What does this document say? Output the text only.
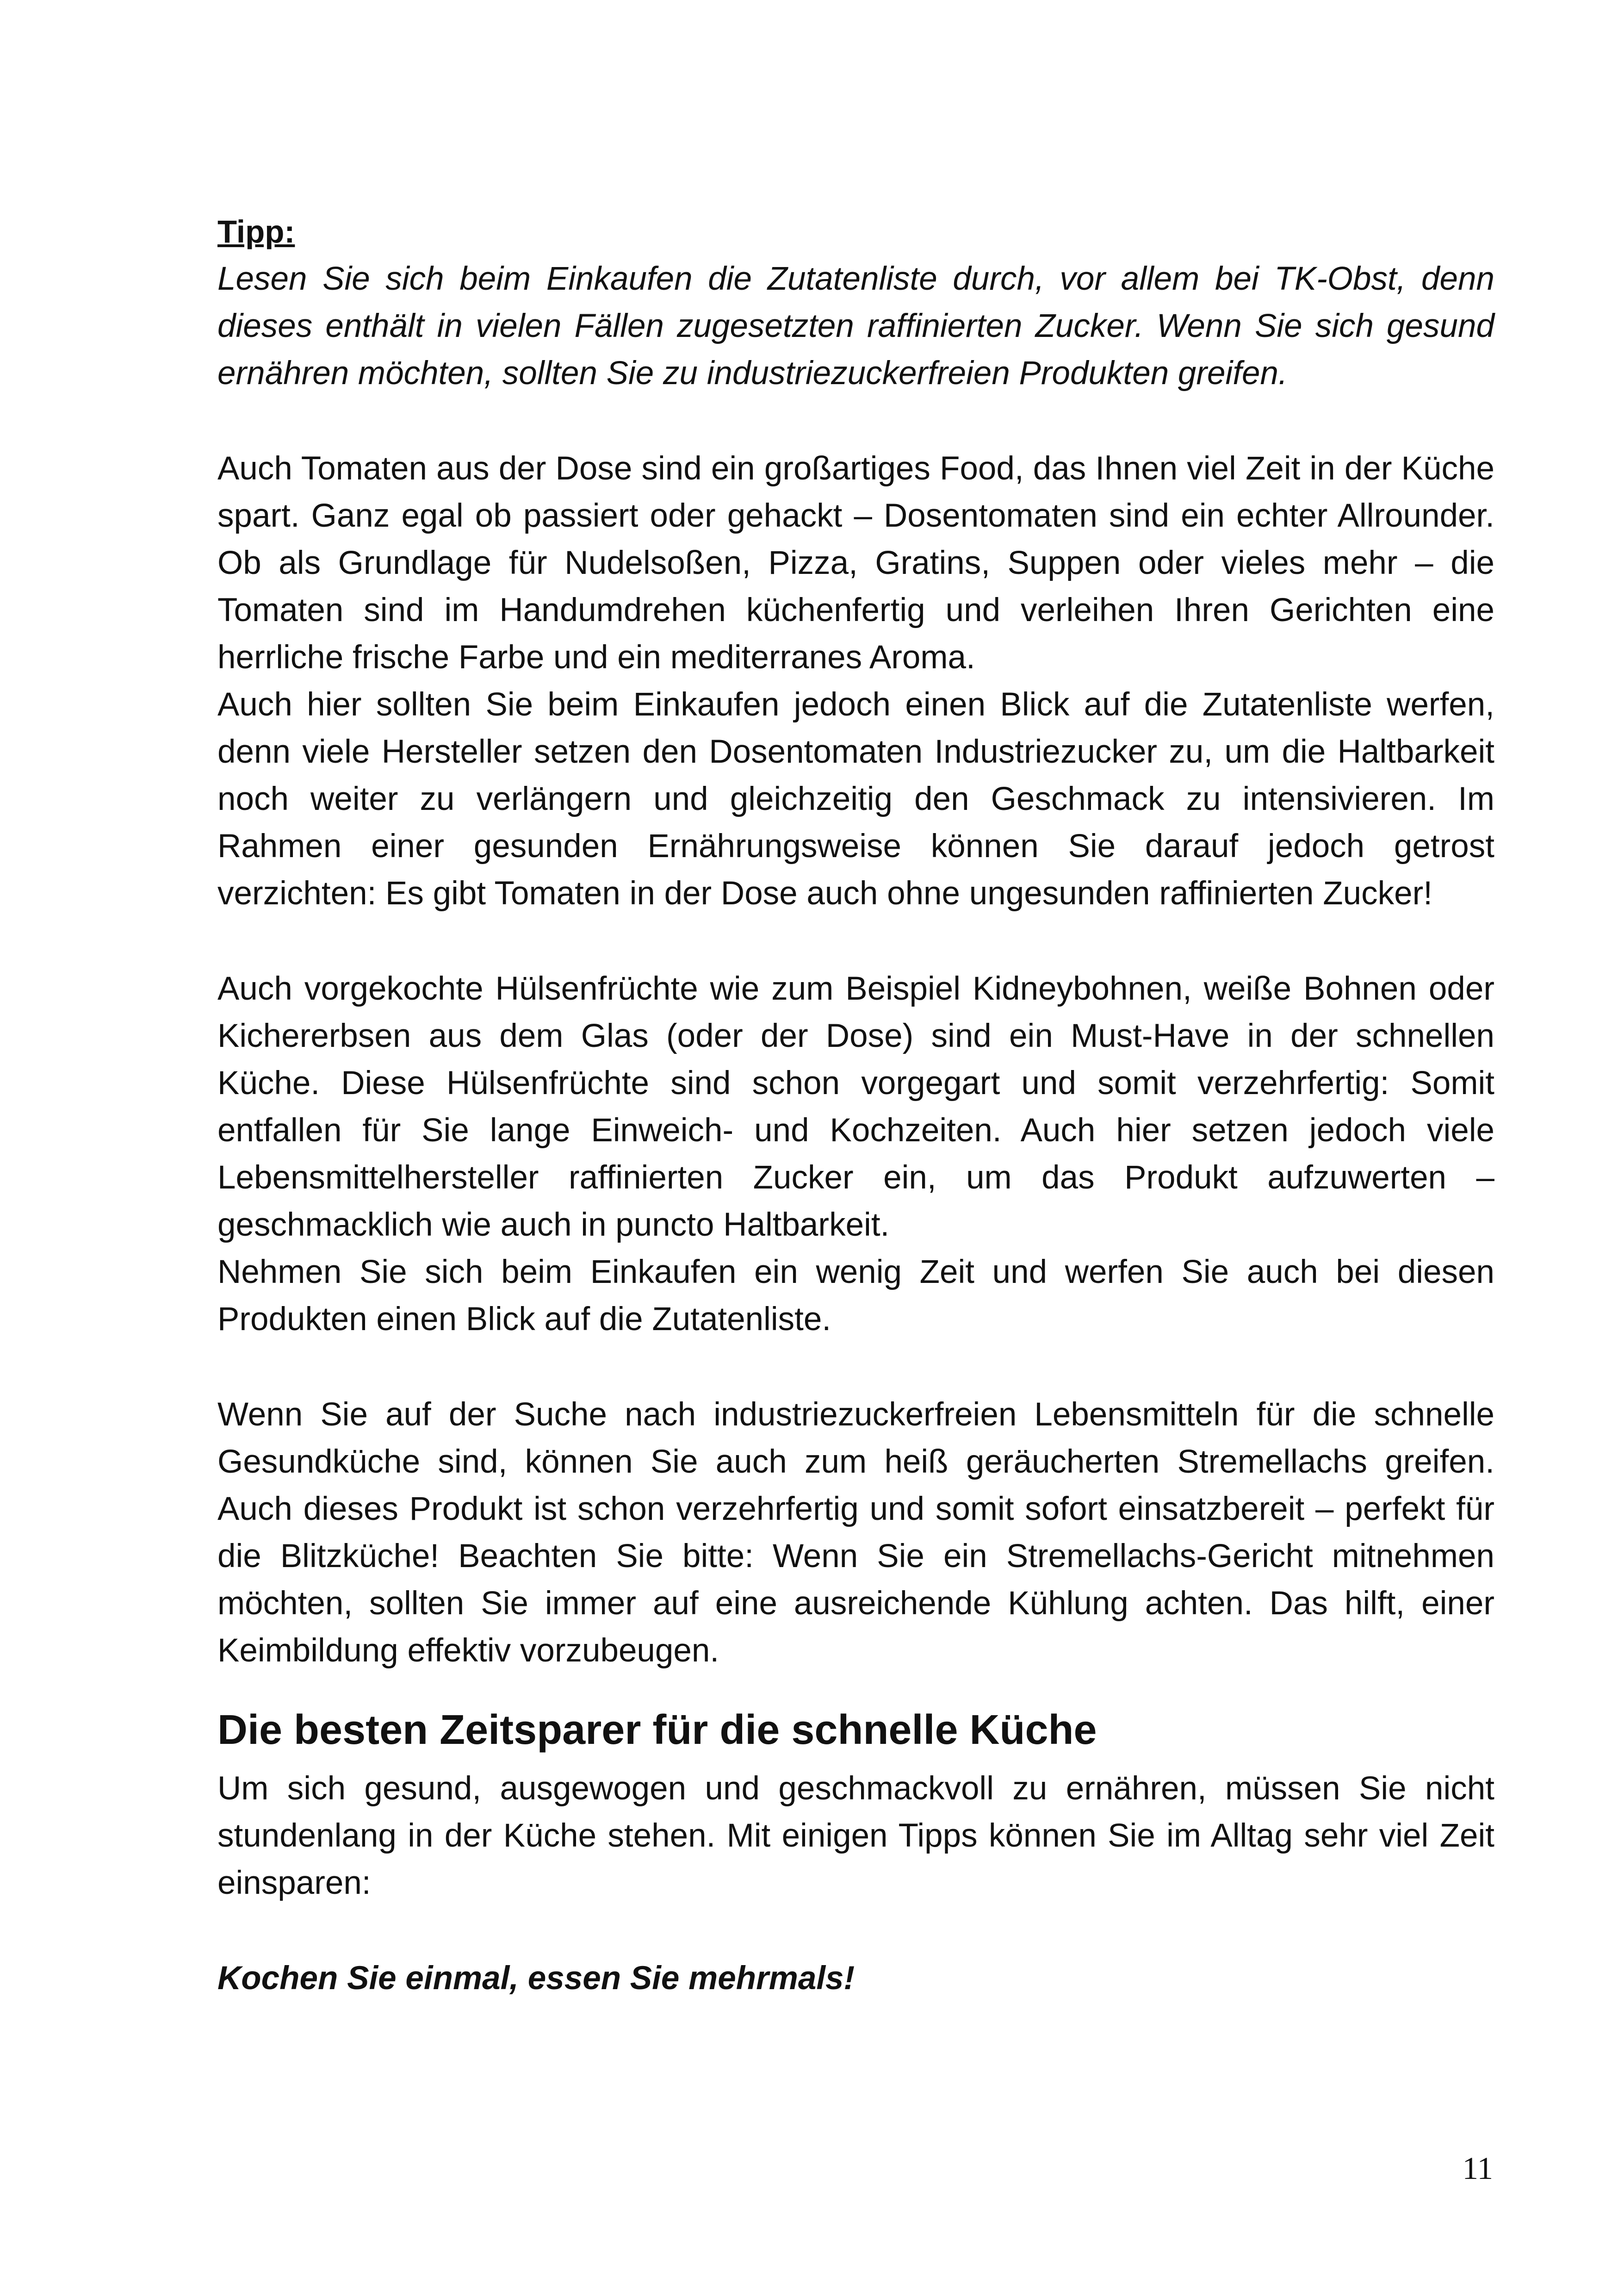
Tipp:

Lesen Sie sich beim Einkaufen die Zutatenliste durch, vor allem bei TK-Obst, denn dieses enthält in vielen Fällen zugesetzten raffinierten Zucker. Wenn Sie sich gesund ernähren möchten, sollten Sie zu industriezuckerfreien Produkten greifen.

Auch Tomaten aus der Dose sind ein großartiges Food, das Ihnen viel Zeit in der Küche spart. Ganz egal ob passiert oder gehackt – Dosentomaten sind ein echter Allrounder. Ob als Grundlage für Nudelsoßen, Pizza, Gratins, Suppen oder vieles mehr – die Tomaten sind im Handumdrehen küchenfertig und verleihen Ihren Gerichten eine herrliche frische Farbe und ein mediterranes Aroma.

Auch hier sollten Sie beim Einkaufen jedoch einen Blick auf die Zutatenliste werfen, denn viele Hersteller setzen den Dosentomaten Industriezucker zu, um die Haltbarkeit noch weiter zu verlängern und gleichzeitig den Geschmack zu intensivieren. Im Rahmen einer gesunden Ernährungsweise können Sie darauf jedoch getrost verzichten: Es gibt Tomaten in der Dose auch ohne ungesunden raffinierten Zucker!

Auch vorgekochte Hülsenfrüchte wie zum Beispiel Kidneybohnen, weiße Bohnen oder Kichererbsen aus dem Glas (oder der Dose) sind ein Must-Have in der schnellen Küche. Diese Hülsenfrüchte sind schon vorgegart und somit verzehrfertig: Somit entfallen für Sie lange Einweich- und Kochzeiten. Auch hier setzen jedoch viele Lebensmittelhersteller raffinierten Zucker ein, um das Produkt aufzuwerten – geschmacklich wie auch in puncto Haltbarkeit.

Nehmen Sie sich beim Einkaufen ein wenig Zeit und werfen Sie auch bei diesen Produkten einen Blick auf die Zutatenliste.

Wenn Sie auf der Suche nach industriezuckerfreien Lebensmitteln für die schnelle Gesundküche sind, können Sie auch zum heiß geräucherten Stremellachs greifen. Auch dieses Produkt ist schon verzehrfertig und somit sofort einsatzbereit – perfekt für die Blitzküche! Beachten Sie bitte: Wenn Sie ein Stremellachs-Gericht mitnehmen möchten, sollten Sie immer auf eine ausreichende Kühlung achten. Das hilft, einer Keimbildung effektiv vorzubeugen.

Die besten Zeitsparer für die schnelle Küche

Um sich gesund, ausgewogen und geschmackvoll zu ernähren, müssen Sie nicht stundenlang in der Küche stehen. Mit einigen Tipps können Sie im Alltag sehr viel Zeit einsparen:

Kochen Sie einmal, essen Sie mehrmals!

11
